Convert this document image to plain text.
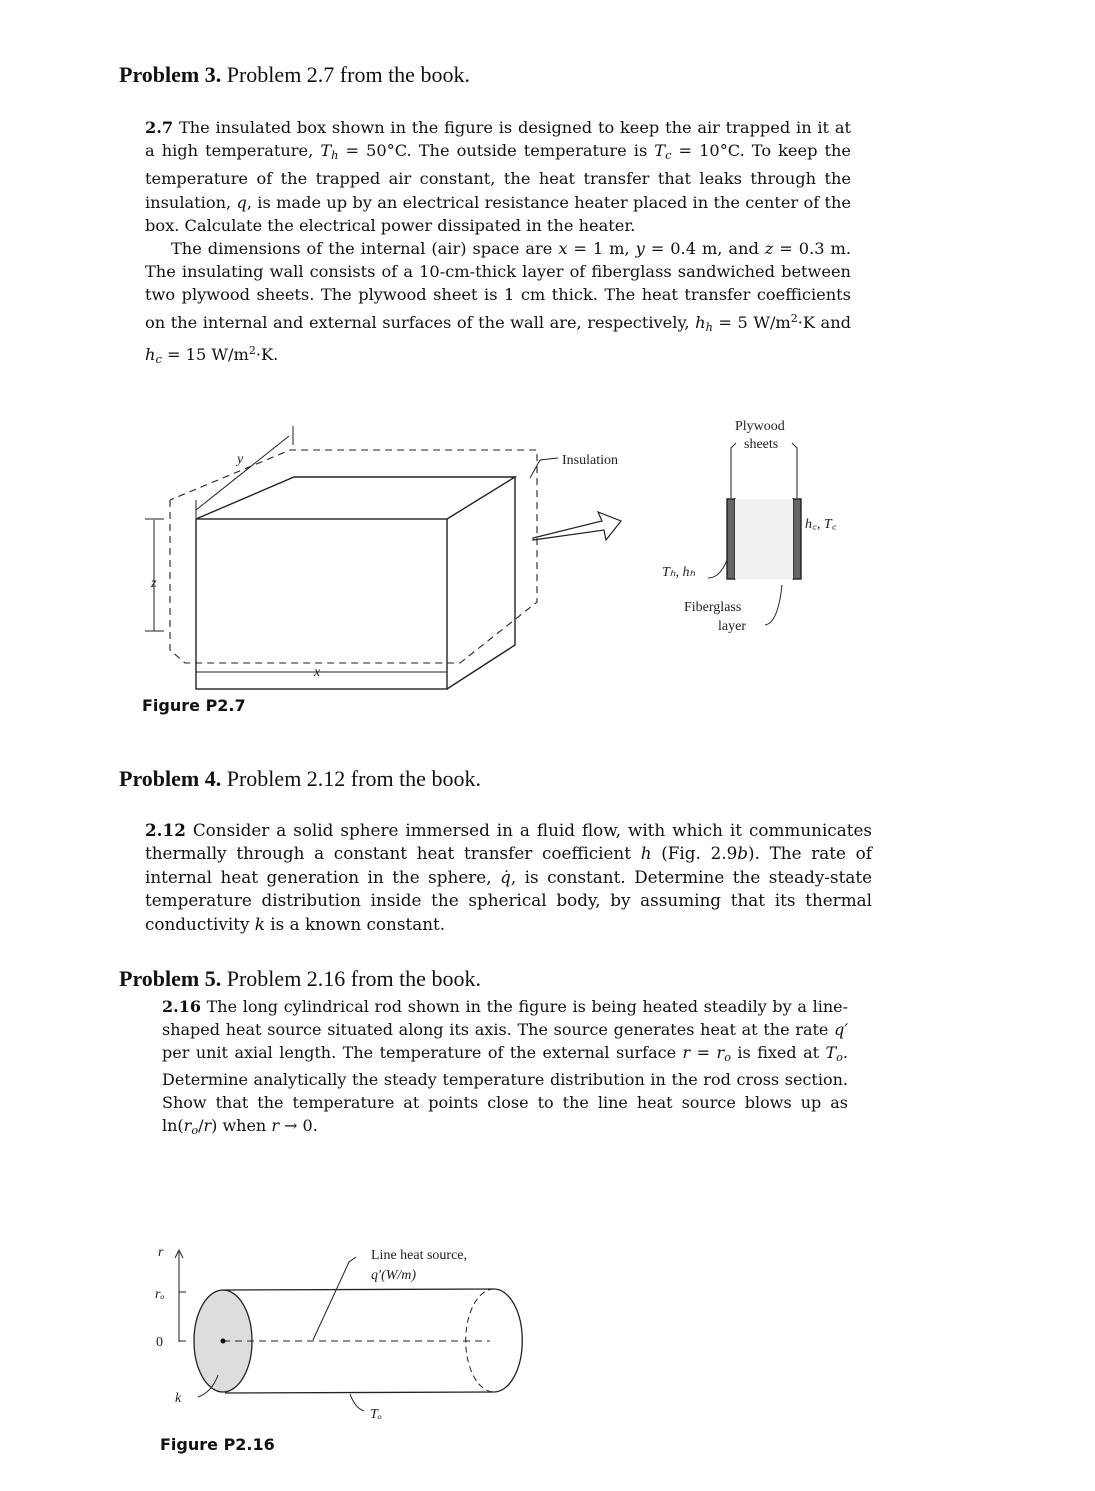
Problem 3. Problem 2.7 from the book.

2.7 The insulated box shown in the figure is designed to keep the air trapped in it at a high temperature, Th = 50°C. The outside temperature is Tc = 10°C. To keep the temperature of the trapped air constant, the heat transfer that leaks through the insulation, q, is made up by an electrical resistance heater placed in the center of the box. Calculate the electrical power dissipated in the heater.

The dimensions of the internal (air) space are x = 1 m, y = 0.4 m, and z = 0.3 m. The insulating wall consists of a 10-cm-thick layer of fiberglass sandwiched between two plywood sheets. The plywood sheet is 1 cm thick. The heat transfer coefficients on the internal and external surfaces of the wall are, respectively, hh = 5 $W/m^2\cdot K$ and hc = 15 $W/m^2\cdot K$.

y
z
x
Insulation
Plywood
sheets
h꜀, T꜀
Tₕ, hₕ
Fiberglass
layer
Figure P2.7
Problem 4. Problem 2.12 from the book.

2.12 Consider a solid sphere immersed in a fluid flow, with which it communicates thermally through a constant heat transfer coefficient h (Fig. 2.9b). The rate of internal heat generation in the sphere, q̇, is constant. Determine the steady-state temperature distribution inside the spherical body, by assuming that its thermal conductivity k is a known constant.

Problem 5. Problem 2.16 from the book.

2.16 The long cylindrical rod shown in the figure is being heated steadily by a line-shaped heat source situated along its axis. The source generates heat at the rate q′ per unit axial length. The temperature of the external surface r = ro is fixed at To. Determine analytically the steady temperature distribution in the rod cross section. Show that the temperature at points close to the line heat source blows up as ln(ro/r) when r → 0.

r
rₒ
0
k
Line heat source,
q′(W/m)
Tₒ
Figure P2.16
